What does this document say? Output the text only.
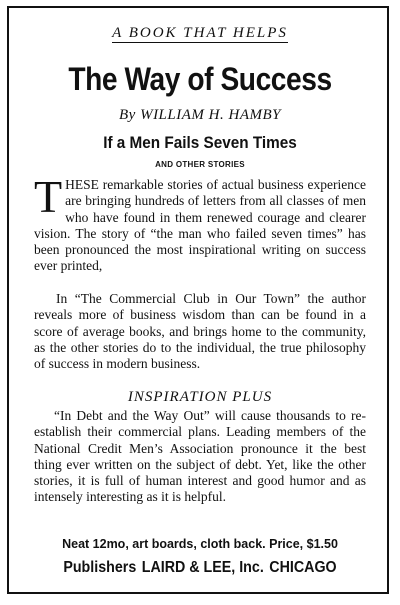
A BOOK THAT HELPS
The Way of Success
By WILLIAM H. HAMBY
If a Men Fails Seven Times
AND OTHER STORIES

THESE remarkable stories of actual business experience are bringing hundreds of letters from all classes of men who have found in them renewed courage and clearer vision. The story of “the man who failed seven times” has been pronounced the most inspirational writing on success ever printed,

In “The Commercial Club in Our Town” the author reveals more of business wisdom than can be found in a score of average books, and brings home to the community, as the other stories do to the individual, the true philosophy of success in modern business.

INSPIRATION PLUS

“In Debt and the Way Out” will cause thousands to re-establish their commercial plans. Leading members of the National Credit Men’s Association pronounce it the best thing ever written on the subject of debt. Yet, like the other stories, it is full of human interest and good humor and as intensely interesting as it is helpful.

Neat 12mo, art boards, cloth back. Price, $1.50
Publishers LAIRD & LEE, Inc. CHICAGO
